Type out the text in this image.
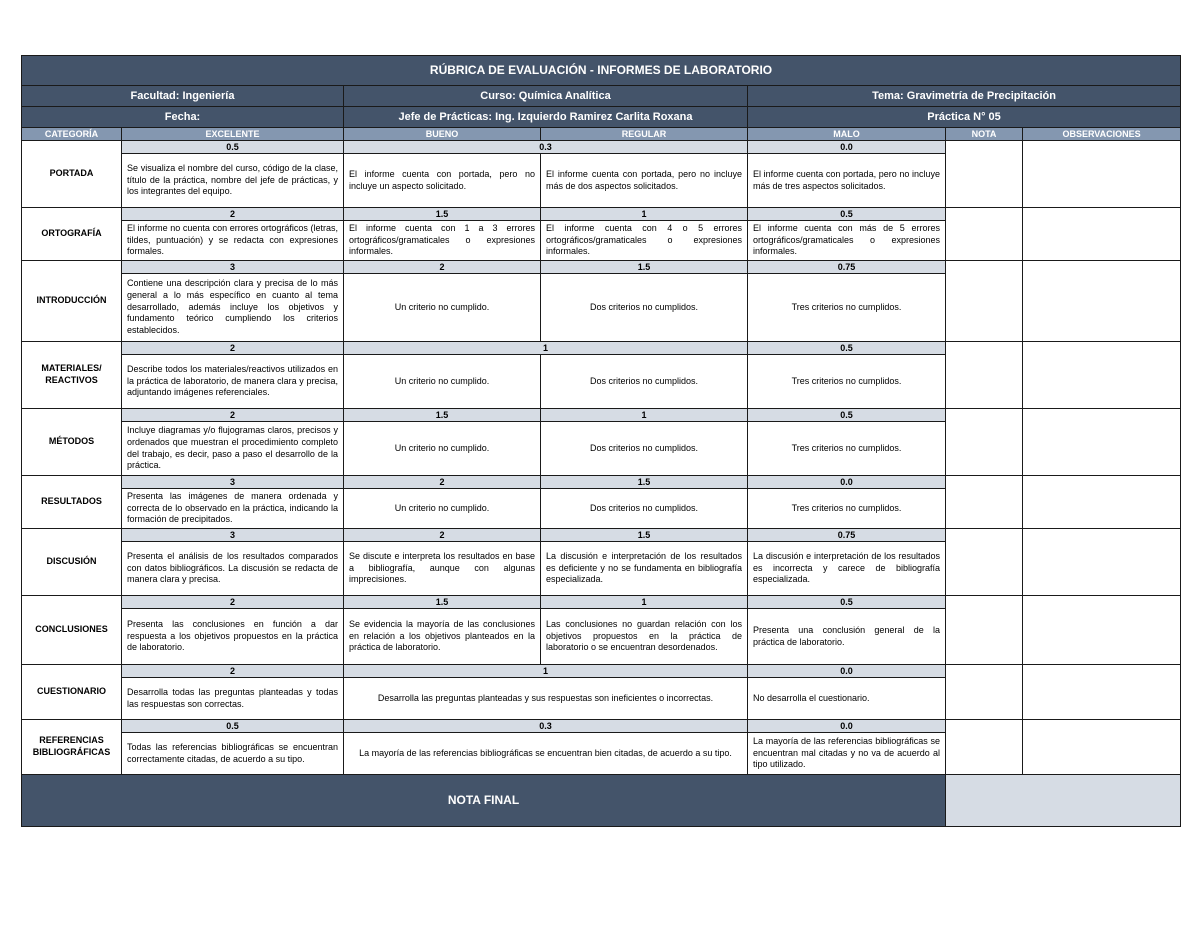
RÚBRICA DE EVALUACIÓN - INFORMES DE LABORATORIO						
Facultad: Ingeniería		Curso: Química Analítica		Tema: Gravimetría de Precipitación		
Fecha:		Jefe de Prácticas: Ing. Izquierdo Ramirez Carlita Roxana		Práctica N° 05		
CATEGORÍA	EXCELENTE	BUENO	REGULAR	MALO	NOTA	OBSERVACIONES
PORTADA	0.5	0.3		0.0		
	Se visualiza el nombre del curso, código de la clase, título de la práctica, nombre del jefe de prácticas, y los integrantes del equipo.	El informe cuenta con portada, pero no incluye un aspecto solicitado.	El informe cuenta con portada, pero no incluye más de dos aspectos solicitados.	El informe cuenta con portada, pero no incluye más de tres aspectos solicitados.		
ORTOGRAFÍA	2	1.5	1	0.5		
	El informe no cuenta con errores ortográficos (letras, tildes, puntuación) y se redacta con expresiones formales.	El informe cuenta con 1 a 3 errores ortográficos/gramaticales o expresiones informales.	El informe cuenta con 4 o 5 errores ortográficos/gramaticales o expresiones informales.	El informe cuenta con más de 5 errores ortográficos/gramaticales o expresiones informales.		
INTRODUCCIÓN	3	2	1.5	0.75		
	Contiene una descripción clara y precisa de lo más general a lo más específico en cuanto al tema desarrollado, además incluye los objetivos y fundamento teórico cumpliendo los criterios establecidos.	Un criterio no cumplido.	Dos criterios no cumplidos.	Tres criterios no cumplidos.		
MATERIALES/ REACTIVOS	2	1		0.5		
	Describe todos los materiales/reactivos utilizados en la práctica de laboratorio, de manera clara y precisa, adjuntando imágenes referenciales.	Un criterio no cumplido.	Dos criterios no cumplidos.	Tres criterios no cumplidos.		
MÉTODOS	2	1.5	1	0.5		
	Incluye diagramas y/o flujogramas claros, precisos y ordenados que muestran el procedimiento completo del trabajo, es decir, paso a paso el desarrollo de la práctica.	Un criterio no cumplido.	Dos criterios no cumplidos.	Tres criterios no cumplidos.		
RESULTADOS	3	2	1.5	0.0		
	Presenta las imágenes de manera ordenada y correcta de lo observado en la práctica, indicando la formación de precipitados.	Un criterio no cumplido.	Dos criterios no cumplidos.	Tres criterios no cumplidos.		
DISCUSIÓN	3	2	1.5	0.75		
	Presenta el análisis de los resultados comparados con datos bibliográficos. La discusión se redacta de manera clara y precisa.	Se discute e interpreta los resultados en base a bibliografía, aunque con algunas imprecisiones.	La discusión e interpretación de los resultados es deficiente y no se fundamenta en bibliografía especializada.	La discusión e interpretación de los resultados es incorrecta y carece de bibliografía especializada.		
CONCLUSIONES	2	1.5	1	0.5		
	Presenta las conclusiones en función a dar respuesta a los objetivos propuestos en la práctica de laboratorio.	Se evidencia la mayoría de las conclusiones en relación a los objetivos planteados en la práctica de laboratorio.	Las conclusiones no guardan relación con los objetivos propuestos en la práctica de laboratorio o se encuentran desordenados.	Presenta una conclusión general de la práctica de laboratorio.		
CUESTIONARIO	2	1		0.0		
	Desarrolla todas las preguntas planteadas y todas las respuestas son correctas.	Desarrolla las preguntas planteadas y sus respuestas son ineficientes o incorrectas.		No desarrolla el cuestionario.		
REFERENCIAS BIBLIOGRÁFICAS	0.5	0.3		0.0		
	Todas las referencias bibliográficas se encuentran correctamente citadas, de acuerdo a su tipo.	La mayoría de las referencias bibliográficas se encuentran bien citadas, de acuerdo a su tipo.		La mayoría de las referencias bibliográficas se encuentran mal citadas y no va de acuerdo al tipo utilizado.		
NOTA FINAL						
